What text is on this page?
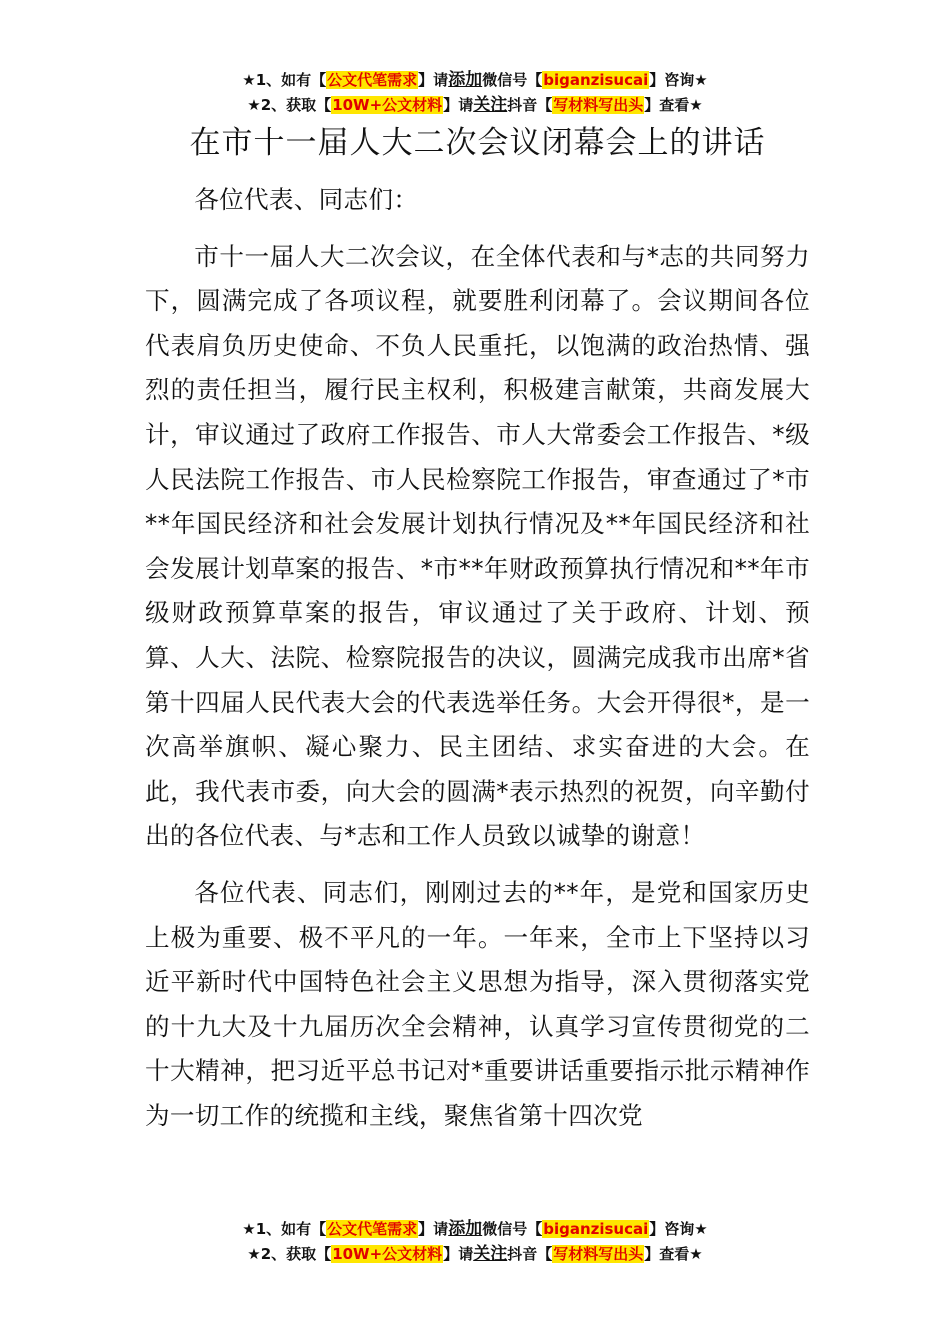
★1、如有【公文代笔需求】请添加微信号【biganzisucai】咨询★
★2、获取【10W+公文材料】请关注抖音【写材料写出头】查看★
在市十一届人大二次会议闭幕会上的讲话

各位代表、同志们：

市十一届人大二次会议，在全体代表和与*志的共同努力下，圆满完成了各项议程，就要胜利闭幕了。会议期间各位代表肩负历史使命、不负人民重托，以饱满的政治热情、强烈的责任担当，履行民主权利，积极建言献策，共商发展大计，审议通过了政府工作报告、市人大常委会工作报告、*级人民法院工作报告、市人民检察院工作报告，审查通过了*市**年国民经济和社会发展计划执行情况及**年国民经济和社会发展计划草案的报告、*市**年财政预算执行情况和**年市级财政预算草案的报告，审议通过了关于政府、计划、预算、人大、法院、检察院报告的决议，圆满完成我市出席*省第十四届人民代表大会的代表选举任务。大会开得很*，是一次高举旗帜、凝心聚力、民主团结、求实奋进的大会。在此，我代表市委，向大会的圆满*表示热烈的祝贺，向辛勤付出的各位代表、与*志和工作人员致以诚挚的谢意！

各位代表、同志们，刚刚过去的**年，是党和国家历史上极为重要、极不平凡的一年。一年来，全市上下坚持以习近平新时代中国特色社会主义思想为指导，深入贯彻落实党的十九大及十九届历次全会精神，认真学习宣传贯彻党的二十大精神，把习近平总书记对*重要讲话重要指示批示精神作为一切工作的统揽和主线，聚焦省第十四次党

★1、如有【公文代笔需求】请添加微信号【biganzisucai】咨询★
★2、获取【10W+公文材料】请关注抖音【写材料写出头】查看★
